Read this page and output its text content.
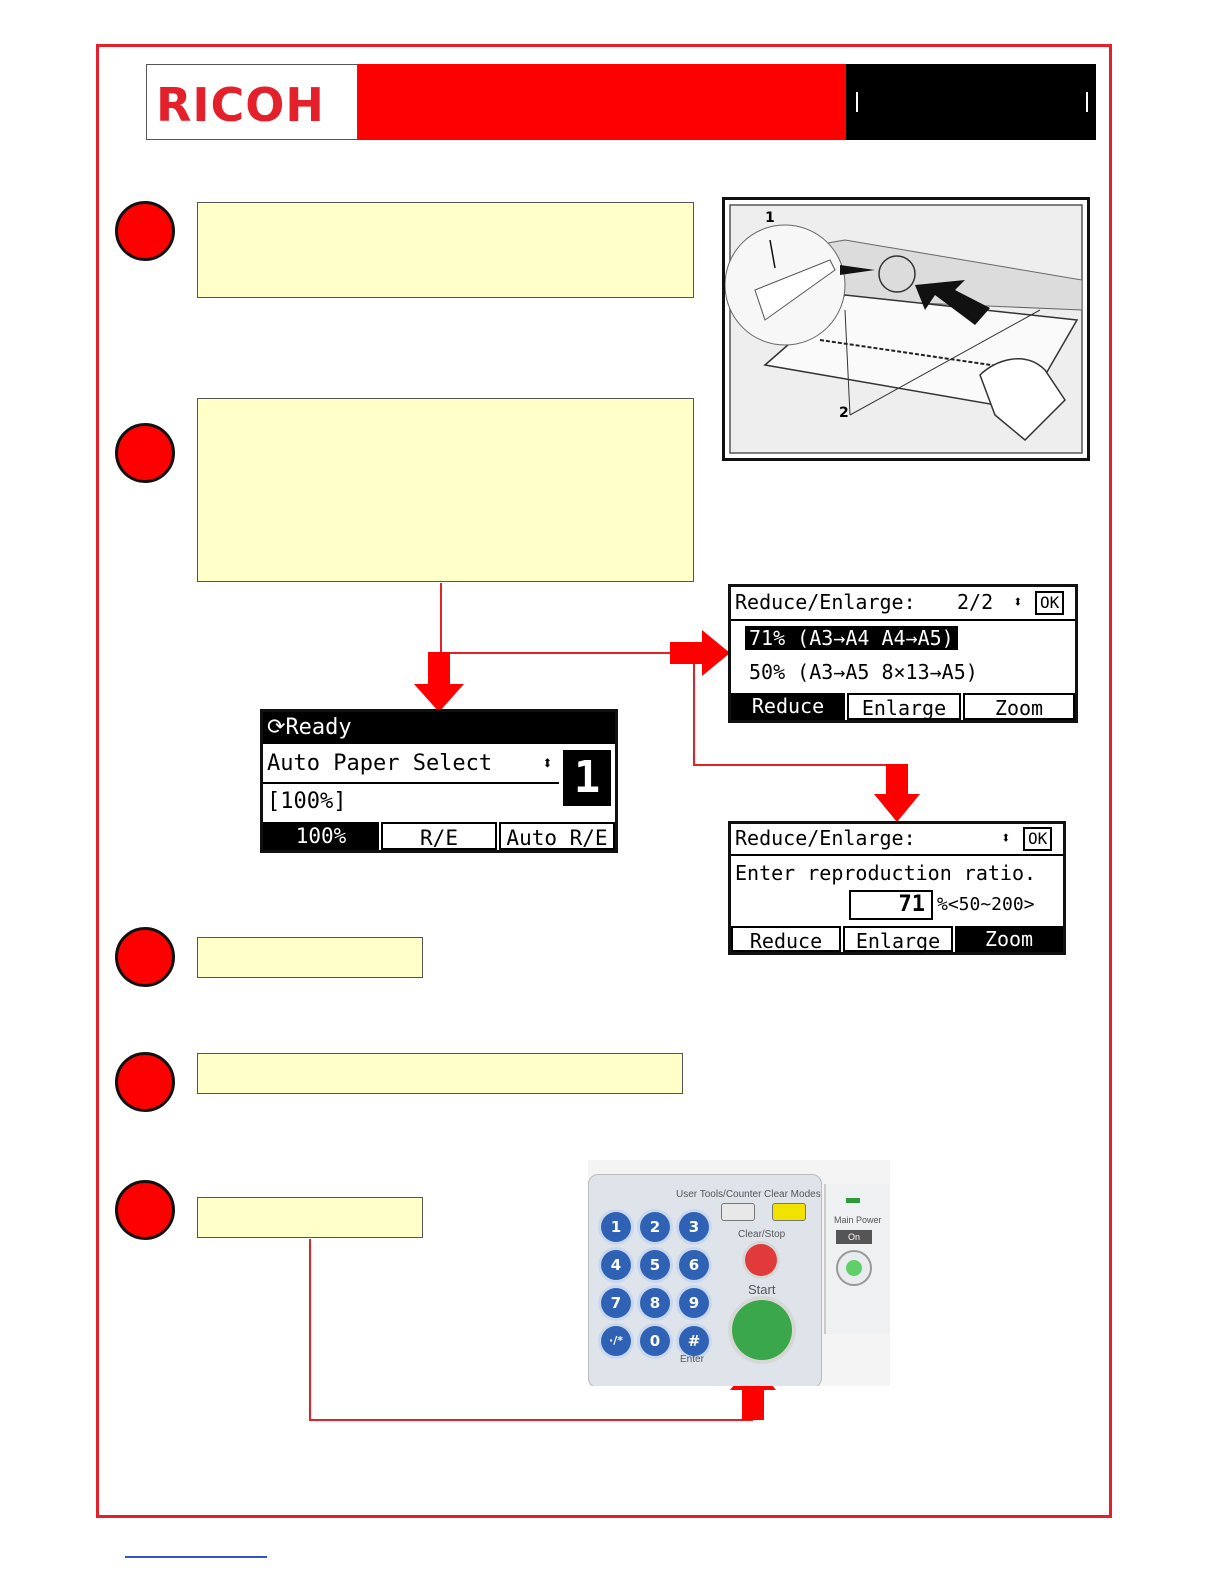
RICOH
1
2
⟳Ready
Auto Paper Select	⬍ 1
[100%]
100%	R/E	Auto R/E
Reduce/Enlarge: 2/2 ⬍	OK
71% (A3→A4 A4→A5)
50% (A3→A5 8×13→A5)
Reduce	Enlarge	Zoom
Reduce/Enlarge:	⬍	OK
Enter reproduction ratio.
71 %<50~200>
Reduce	Enlarge	Zoom
1	2	3
4	5	6
7	8	9
·/*	0	#
Enter
User Tools/Counter Clear Modes
Clear/Stop
Start
Main Power
On
